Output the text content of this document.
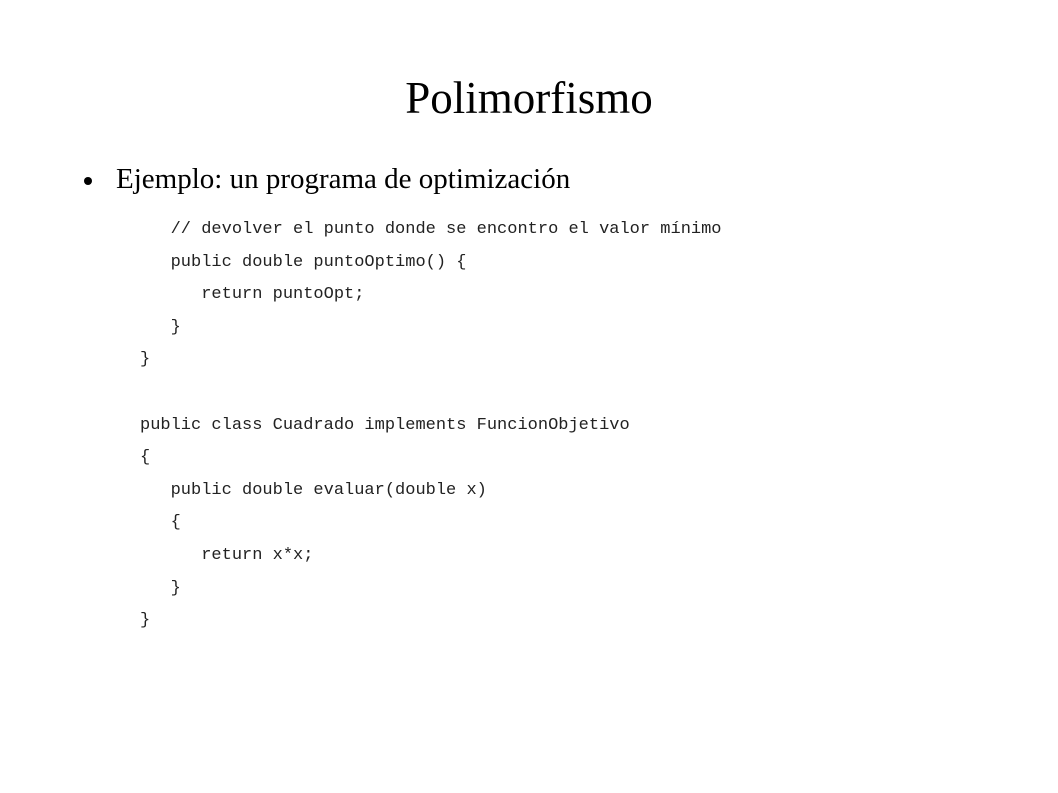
Polimorfismo
Ejemplo: un programa de optimización
// devolver el punto donde se encontro el valor mínimo
public double puntoOptimo() {
return puntoOpt;
}
}
public class Cuadrado implements FuncionObjetivo
{
public double evaluar(double x)
{
return x*x;
}
}
